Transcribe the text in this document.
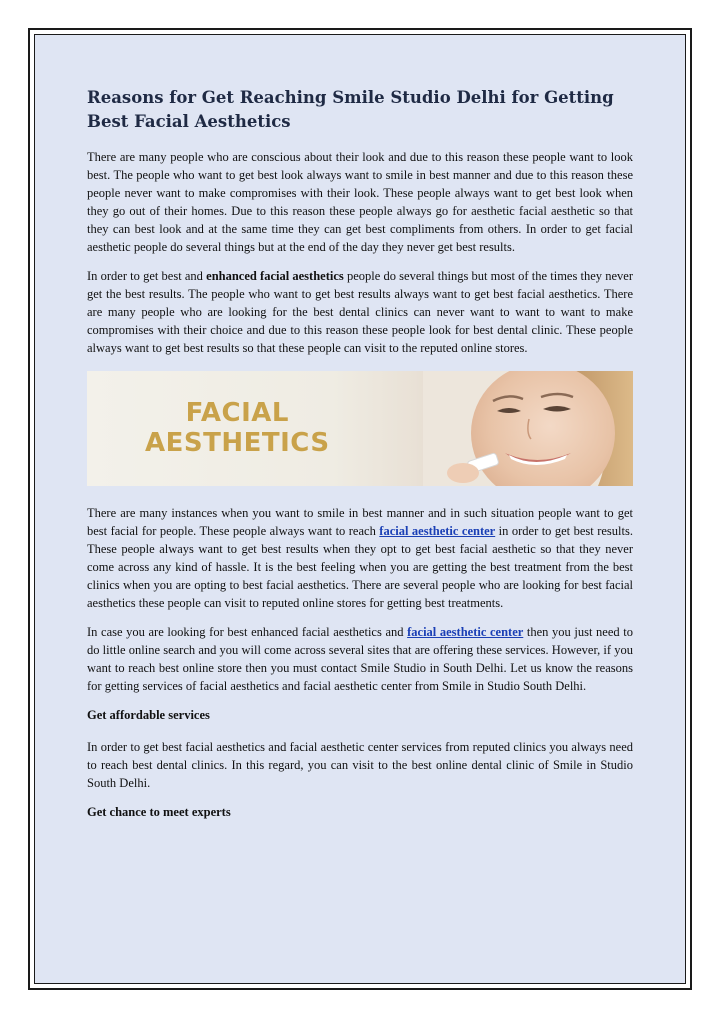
Reasons for Get Reaching Smile Studio Delhi for Getting Best Facial Aesthetics

There are many people who are conscious about their look and due to this reason these people want to look best. The people who want to get best look always want to smile in best manner and due to this reason these people never want to make compromises with their look. These people always want to get best look when they go out of their homes. Due to this reason these people always go for aesthetic facial aesthetic so that they can best look and at the same time they can get best compliments from others. In order to get facial aesthetic people do several things but at the end of the day they never get best results.

In order to get best and enhanced facial aesthetics people do several things but most of the times they never get the best results. The people who want to get best results always want to get best facial aesthetics. There are many people who are looking for the best dental clinics can never want to want to want to make compromises with their choice and due to this reason these people look for best dental clinic. These people always want to get best results so that these people can visit to the reputed online stores.

FACIAL
AESTHETICS

There are many instances when you want to smile in best manner and in such situation people want to get best facial for people. These people always want to reach facial aesthetic center in order to get best results. These people always want to get best results when they opt to get best facial aesthetic so that they never come across any kind of hassle. It is the best feeling when you are getting the best treatment from the best clinics when you are opting to best facial aesthetics. There are several people who are looking for best facial aesthetics these people can visit to reputed online stores for getting best treatments.

In case you are looking for best enhanced facial aesthetics and facial aesthetic center then you just need to do little online search and you will come across several sites that are offering these services. However, if you want to reach best online store then you must contact Smile Studio in South Delhi. Let us know the reasons for getting services of facial aesthetics and facial aesthetic center from Smile in Studio South Delhi.

Get affordable services

In order to get best facial aesthetics and facial aesthetic center services from reputed clinics you always need to reach best dental clinics. In this regard, you can visit to the best online dental clinic of Smile in Studio South Delhi.

Get chance to meet experts
